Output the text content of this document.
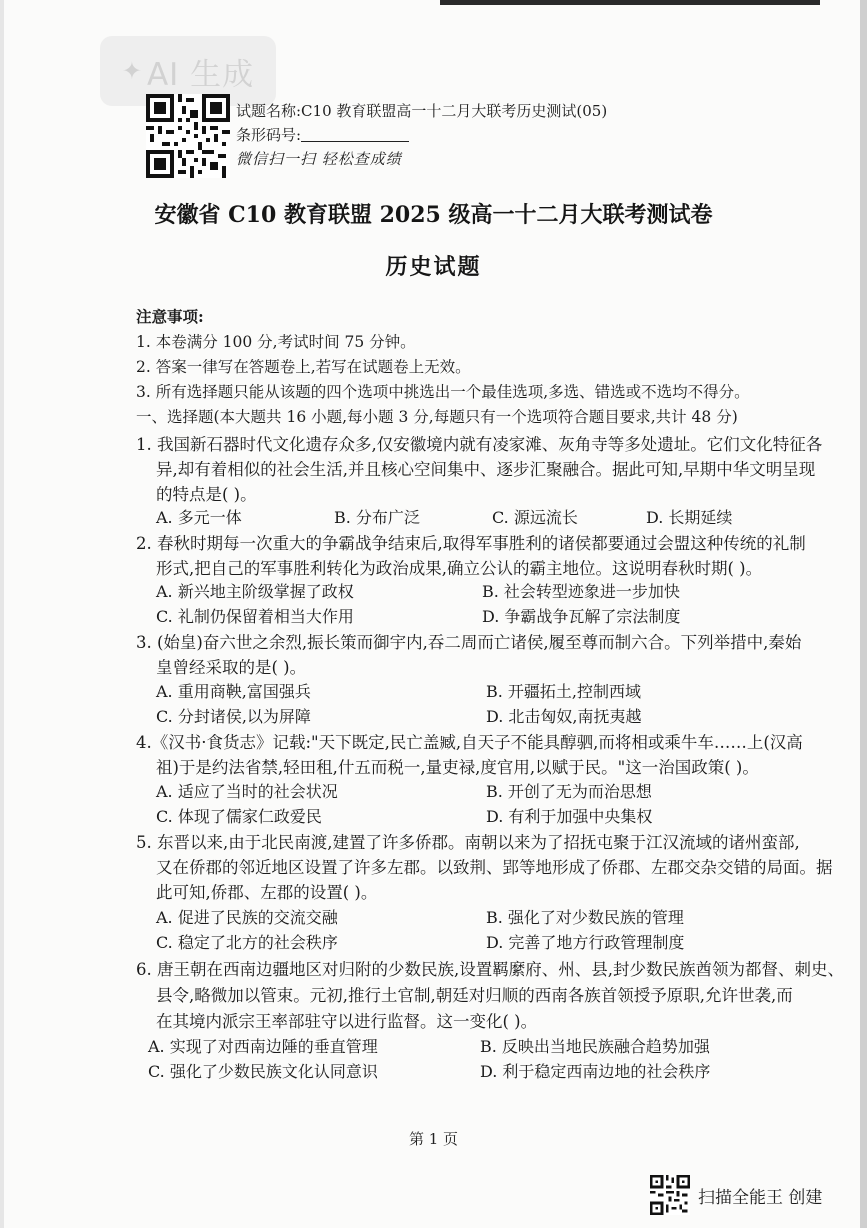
✦ AI 生成
试题名称:C10 教育联盟高一十二月大联考历史测试(05)
条形码号:
微信扫一扫 轻松查成绩
安徽省 C10 教育联盟 2025 级高一十二月大联考测试卷
历史试题
注意事项:
1. 本卷满分 100 分,考试时间 75 分钟。
2. 答案一律写在答题卷上,若写在试题卷上无效。
3. 所有选择题只能从该题的四个选项中挑选出一个最佳选项,多选、错选或不选均不得分。
一、选择题(本大题共 16 小题,每小题 3 分,每题只有一个选项符合题目要求,共计 48 分)
1. 我国新石器时代文化遗存众多,仅安徽境内就有凌家滩、灰角寺等多处遗址。它们文化特征各
异,却有着相似的社会生活,并且核心空间集中、逐步汇聚融合。据此可知,早期中华文明呈现
的特点是( )。
A. 多元一体	B. 分布广泛	C. 源远流长	D. 长期延续
2. 春秋时期每一次重大的争霸战争结束后,取得军事胜利的诸侯都要通过会盟这种传统的礼制
形式,把自己的军事胜利转化为政治成果,确立公认的霸主地位。这说明春秋时期( )。
A. 新兴地主阶级掌握了政权	B. 社会转型迹象进一步加快
C. 礼制仍保留着相当大作用	D. 争霸战争瓦解了宗法制度
3. (始皇)奋六世之余烈,振长策而御宇内,吞二周而亡诸侯,履至尊而制六合。下列举措中,秦始
皇曾经采取的是( )。
A. 重用商鞅,富国强兵	B. 开疆拓土,控制西域
C. 分封诸侯,以为屏障	D. 北击匈奴,南抚夷越
4.《汉书·食货志》记载:"天下既定,民亡盖臧,自天子不能具醇驷,而将相或乘牛车……上(汉高
祖)于是约法省禁,轻田租,什五而税一,量吏禄,度官用,以赋于民。"这一治国政策( )。
A. 适应了当时的社会状况	B. 开创了无为而治思想
C. 体现了儒家仁政爱民	D. 有利于加强中央集权
5. 东晋以来,由于北民南渡,建置了许多侨郡。南朝以来为了招抚屯聚于江汉流域的诸州蛮部,
又在侨郡的邻近地区设置了许多左郡。以致荆、郢等地形成了侨郡、左郡交杂交错的局面。据
此可知,侨郡、左郡的设置( )。
A. 促进了民族的交流交融	B. 强化了对少数民族的管理
C. 稳定了北方的社会秩序	D. 完善了地方行政管理制度
6. 唐王朝在西南边疆地区对归附的少数民族,设置羁縻府、州、县,封少数民族酋领为都督、刺史、
县令,略微加以管束。元初,推行土官制,朝廷对归顺的西南各族首领授予原职,允许世袭,而
在其境内派宗王率部驻守以进行监督。这一变化( )。
A. 实现了对西南边陲的垂直管理	B. 反映出当地民族融合趋势加强
C. 强化了少数民族文化认同意识	D. 利于稳定西南边地的社会秩序
第 1 页
扫描全能王 创建
